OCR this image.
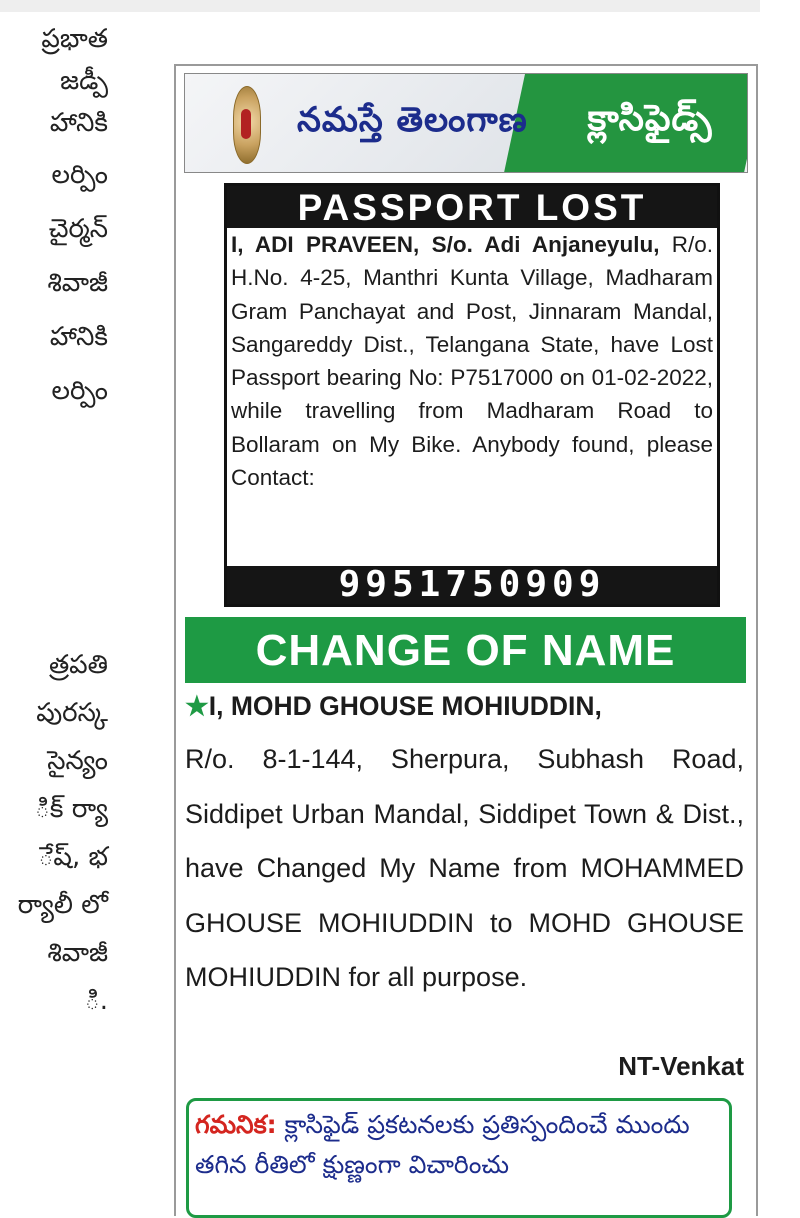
ప్రభాత
జడ్పీ
హానికి
లర్పిం
చైర్మన్
శివాజీ
హానికి
లర్పిం
త్రపతి
పురస్క
సైన్యం
ిక్ ర్యా
ేష్, భ
ర్యాలీ లో
శివాజీ
ి.
నమస్తే తెలంగాణ	క్లాసిఫైడ్స్
PASSPORT LOST
I, ADI PRAVEEN, S/o. Adi Anjaneyulu, R/o. H.No. 4-25, Manthri Kunta Village, Madharam Gram Panchayat and Post, Jinnaram Mandal, Sangareddy Dist., Telangana State, have Lost Passport bearing No: P7517000 on 01-02-2022, while travelling from Madharam Road to Bollaram on My Bike. Anybody found, please Contact:
9951750909
CHANGE OF NAME
★I, MOHD GHOUSE MOHIUDDIN,
R/o. 8-1-144, Sherpura, Subhash Road, Siddipet Urban Mandal, Siddipet Town & Dist., have Changed My Name from MOHAMMED GHOUSE MOHIUDDIN to MOHD GHOUSE MOHIUDDIN for all purpose.
NT-Venkat
గమనిక: క్లాసిఫైడ్ ప్రకటనలకు ప్రతిస్పందించే ముందు తగిన రీతిలో క్షుణ్ణంగా విచారించు
